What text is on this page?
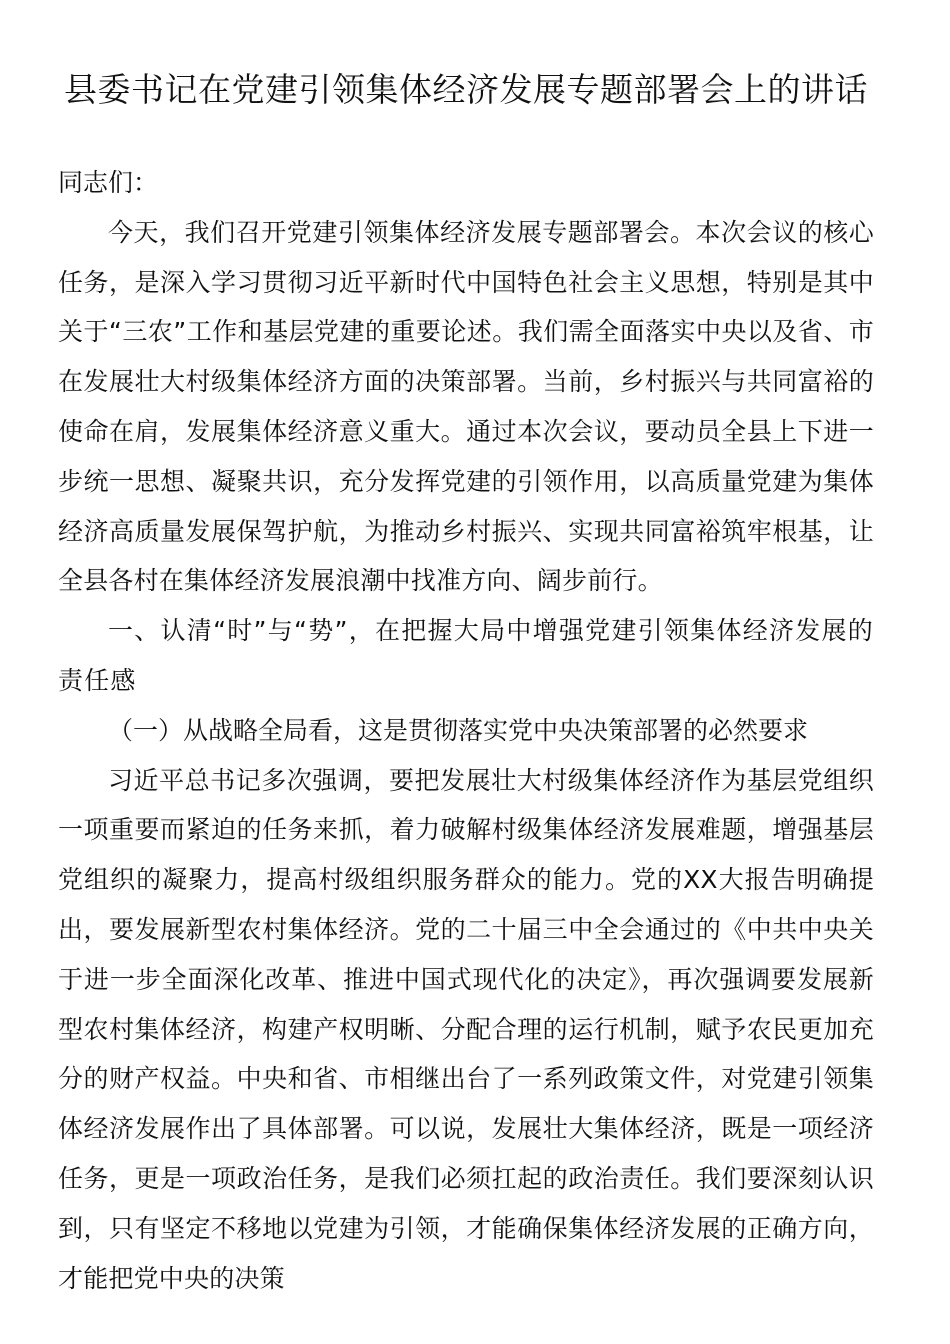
县委书记在党建引领集体经济发展专题部署会上的讲话

同志们：

今天，我们召开党建引领集体经济发展专题部署会。本次会议的核心任务，是深入学习贯彻习近平新时代中国特色社会主义思想，特别是其中关于“三农”工作和基层党建的重要论述。我们需全面落实中央以及省、市在发展壮大村级集体经济方面的决策部署。当前，乡村振兴与共同富裕的使命在肩，发展集体经济意义重大。通过本次会议，要动员全县上下进一步统一思想、凝聚共识，充分发挥党建的引领作用，以高质量党建为集体经济高质量发展保驾护航，为推动乡村振兴、实现共同富裕筑牢根基，让全县各村在集体经济发展浪潮中找准方向、阔步前行。

一、认清“时”与“势”，在把握大局中增强党建引领集体经济发展的责任感

（一）从战略全局看，这是贯彻落实党中央决策部署的必然要求

习近平总书记多次强调，要把发展壮大村级集体经济作为基层党组织一项重要而紧迫的任务来抓，着力破解村级集体经济发展难题，增强基层党组织的凝聚力，提高村级组织服务群众的能力。党的XX大报告明确提出，要发展新型农村集体经济。党的二十届三中全会通过的《中共中央关于进一步全面深化改革、推进中国式现代化的决定》，再次强调要发展新型农村集体经济，构建产权明晰、分配合理的运行机制，赋予农民更加充分的财产权益。中央和省、市相继出台了一系列政策文件，对党建引领集体经济发展作出了具体部署。可以说，发展壮大集体经济，既是一项经济任务，更是一项政治任务，是我们必须扛起的政治责任。我们要深刻认识到，只有坚定不移地以党建为引领，才能确保集体经济发展的正确方向，才能把党中央的决策
